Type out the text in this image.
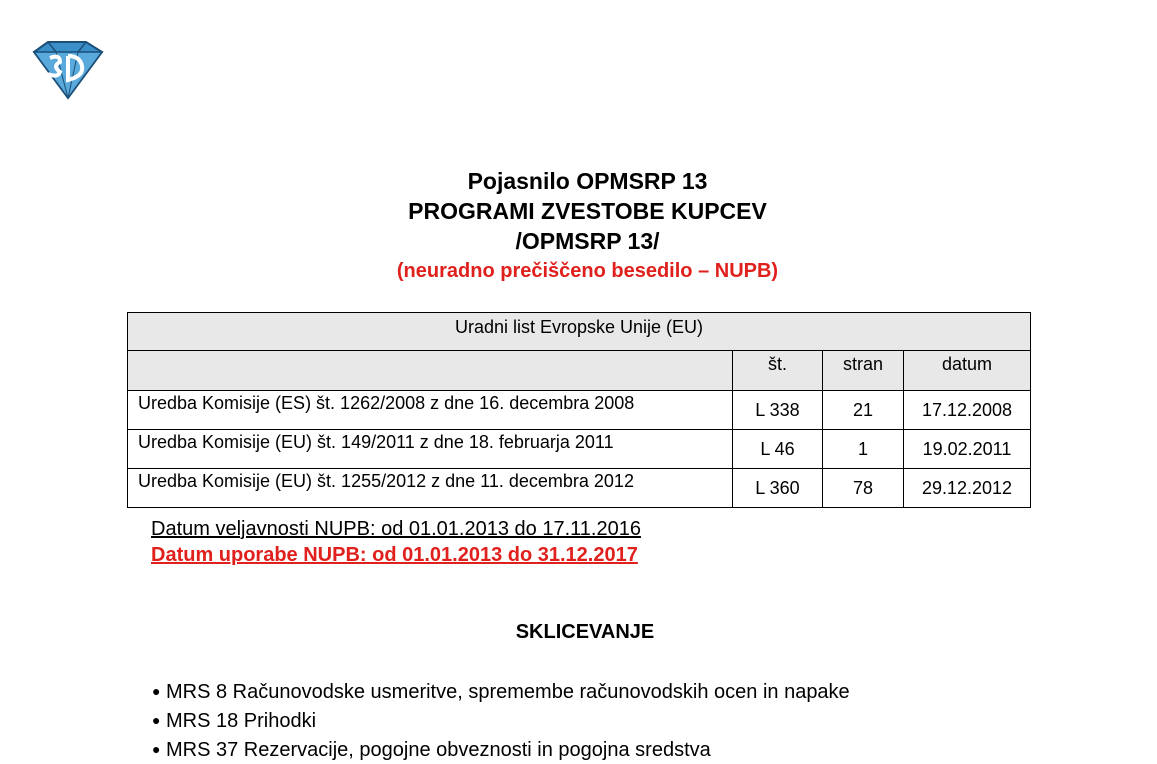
Pojasnilo OPMSRP 13
PROGRAMI ZVESTOBE KUPCEV
/OPMSRP 13/
(neuradno prečiščeno besedilo – NUPB)
Uradni list Evropske Unije (EU)			
	št.	stran	datum
Uredba Komisije (ES) št. 1262/2008 z dne 16. decembra 2008	L 338	21	17.12.2008
Uredba Komisije (EU) št. 149/2011 z dne 18. februarja 2011	L 46	1	19.02.2011
Uredba Komisije (EU) št. 1255/2012 z dne 11. decembra 2012	L 360	78	29.12.2012
Datum veljavnosti NUPB: od 01.01.2013 do 17.11.2016
Datum uporabe NUPB: od 01.01.2013 do 31.12.2017
SKLICEVANJE
● MRS 8 Računovodske usmeritve, spremembe računovodskih ocen in napake
● MRS 18 Prihodki
● MRS 37 Rezervacije, pogojne obveznosti in pogojna sredstva
